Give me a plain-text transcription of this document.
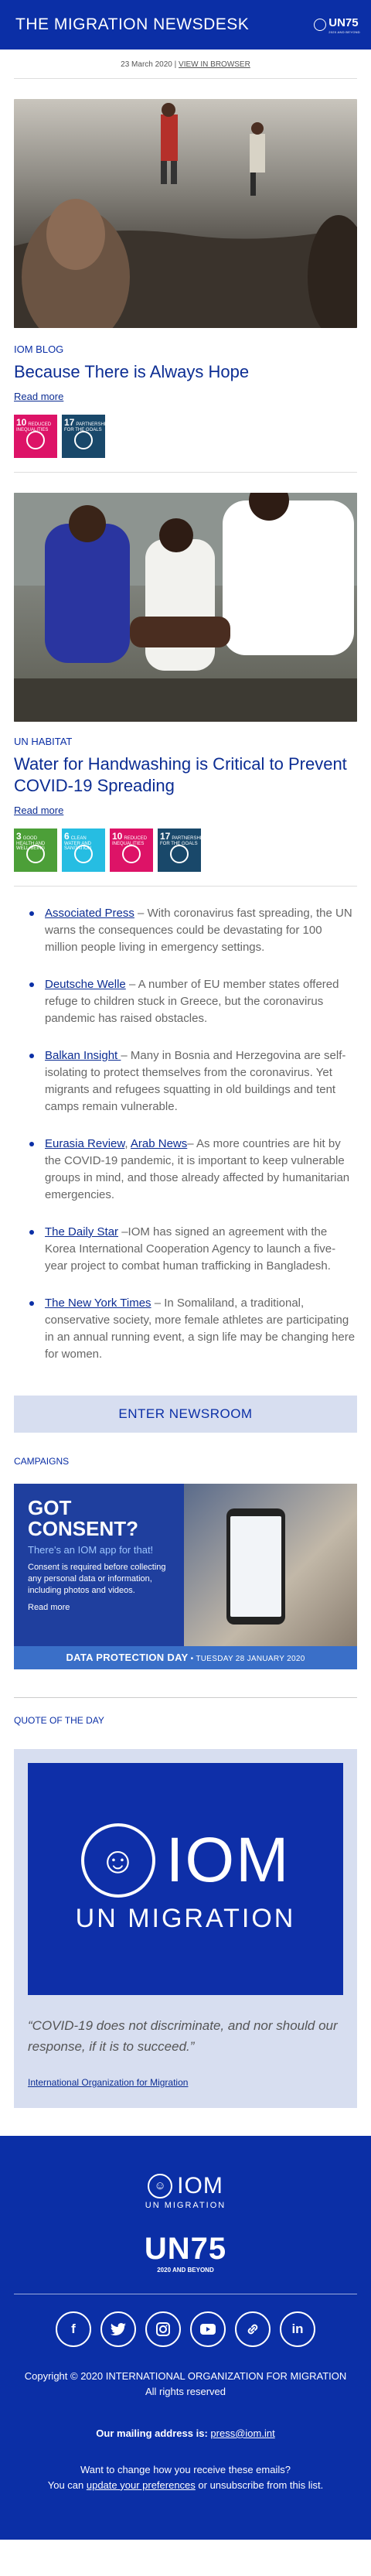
THE MIGRATION NEWSDESK	UN75
2020 AND BEYOND
23 March 2020 | VIEW IN BROWSER
IOM BLOG
Because There is Always Hope
Read more
10 REDUCED INEQUALITIES
17 PARTNERSHIPS FOR THE GOALS
UN HABITAT
Water for Handwashing is Critical to Prevent COVID-19 Spreading
Read more
3 GOOD HEALTH AND WELL-BEING
6 CLEAN WATER AND SANITATION
10 REDUCED INEQUALITIES
17 PARTNERSHIPS FOR THE GOALS
Associated Press – With coronavirus fast spreading, the UN warns the consequences could be devastating for 100 million people living in emergency settings.
Deutsche Welle – A number of EU member states offered refuge to children stuck in Greece, but the coronavirus pandemic has raised obstacles.
Balkan Insight – Many in Bosnia and Herzegovina are self-isolating to protect themselves from the coronavirus. Yet migrants and refugees squatting in old buildings and tent camps remain vulnerable.
Eurasia Review, Arab News– As more countries are hit by the COVID-19 pandemic, it is important to keep vulnerable groups in mind, and those already affected by humanitarian emergencies.
The Daily Star –IOM has signed an agreement with the Korea International Cooperation Agency to launch a five-year project to combat human trafficking in Bangladesh.
The New York Times – In Somaliland, a traditional, conservative society, more female athletes are participating in an annual running event, a sign life may be changing here for women.
ENTER NEWSROOM
CAMPAIGNS
GOT CONSENT?
There's an IOM app for that!
Consent is required before collecting any personal data or information, including photos and videos.
Read more
DATA PROTECTION DAY • TUESDAY 28 JANUARY 2020
QUOTE OF THE DAY
☺ IOM
UN MIGRATION
“COVID-19 does not discriminate, and nor should our response, if it is to succeed.”
International Organization for Migration
☺ IOM
UN MIGRATION
UN75
2020 AND BEYOND
f	in
Copyright © 2020 INTERNATIONAL ORGANIZATION FOR MIGRATION
All rights reserved
Our mailing address is: press@iom.int
Want to change how you receive these emails?
You can update your preferences or unsubscribe from this list.
